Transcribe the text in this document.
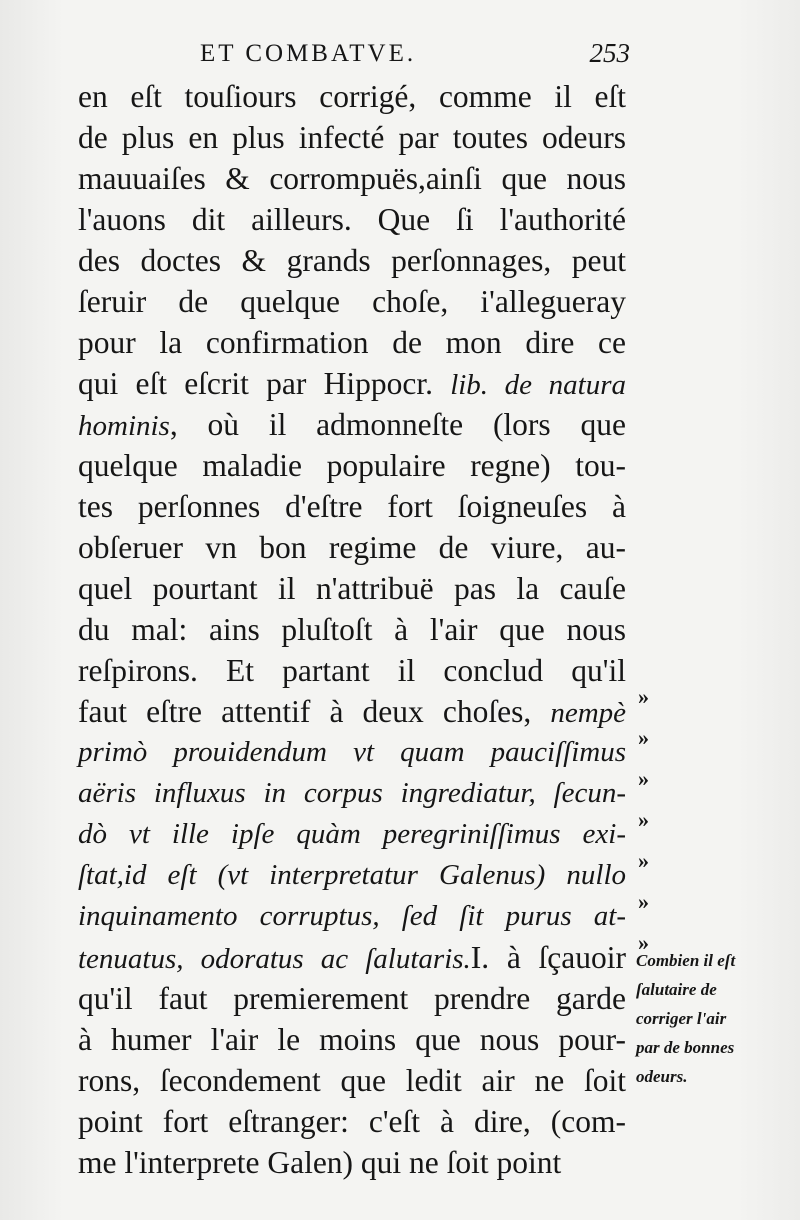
ET COMBATVE.	253
en eſt touſiours corrigé, comme il eſt
de plus en plus infecté par toutes odeurs
mauuaiſes & corrompuës,ainſi que nous
l'auons dit ailleurs. Que ſi l'authorité
des doctes & grands perſonnages, peut
ſeruir de quelque choſe, i'allegueray
pour la confirmation de mon dire ce
qui eſt eſcrit par Hippocr. lib. de natura
hominis, où il admonneſte (lors que
quelque maladie populaire regne) tou-
tes perſonnes d'eſtre fort ſoigneuſes à
obſeruer vn bon regime de viure, au-
quel pourtant il n'attribuë pas la cauſe
du mal: ains pluſtoſt à l'air que nous
reſpirons. Et partant il conclud qu'il
faut eſtre attentif à deux choſes, nempè
primò prouidendum vt quam pauciſſimus
aëris influxus in corpus ingrediatur, ſecun-
dò vt ille ipſe quàm peregriniſſimus exi-
ſtat,id eſt (vt interpretatur Galenus) nullo
inquinamento corruptus, ſed ſit purus at-
tenuatus, odoratus ac ſalutaris.I. à ſçauoir
qu'il faut premierement prendre garde
à humer l'air le moins que nous pour-
rons, ſecondement que ledit air ne ſoit
point fort eſtranger: c'eſt à dire, (com-
me l'interprete Galen) qui ne ſoit point
»
»
»
»
»
»
»
Combien il eſt
ſalutaire de
corriger l'air
par de bonnes
odeurs.
